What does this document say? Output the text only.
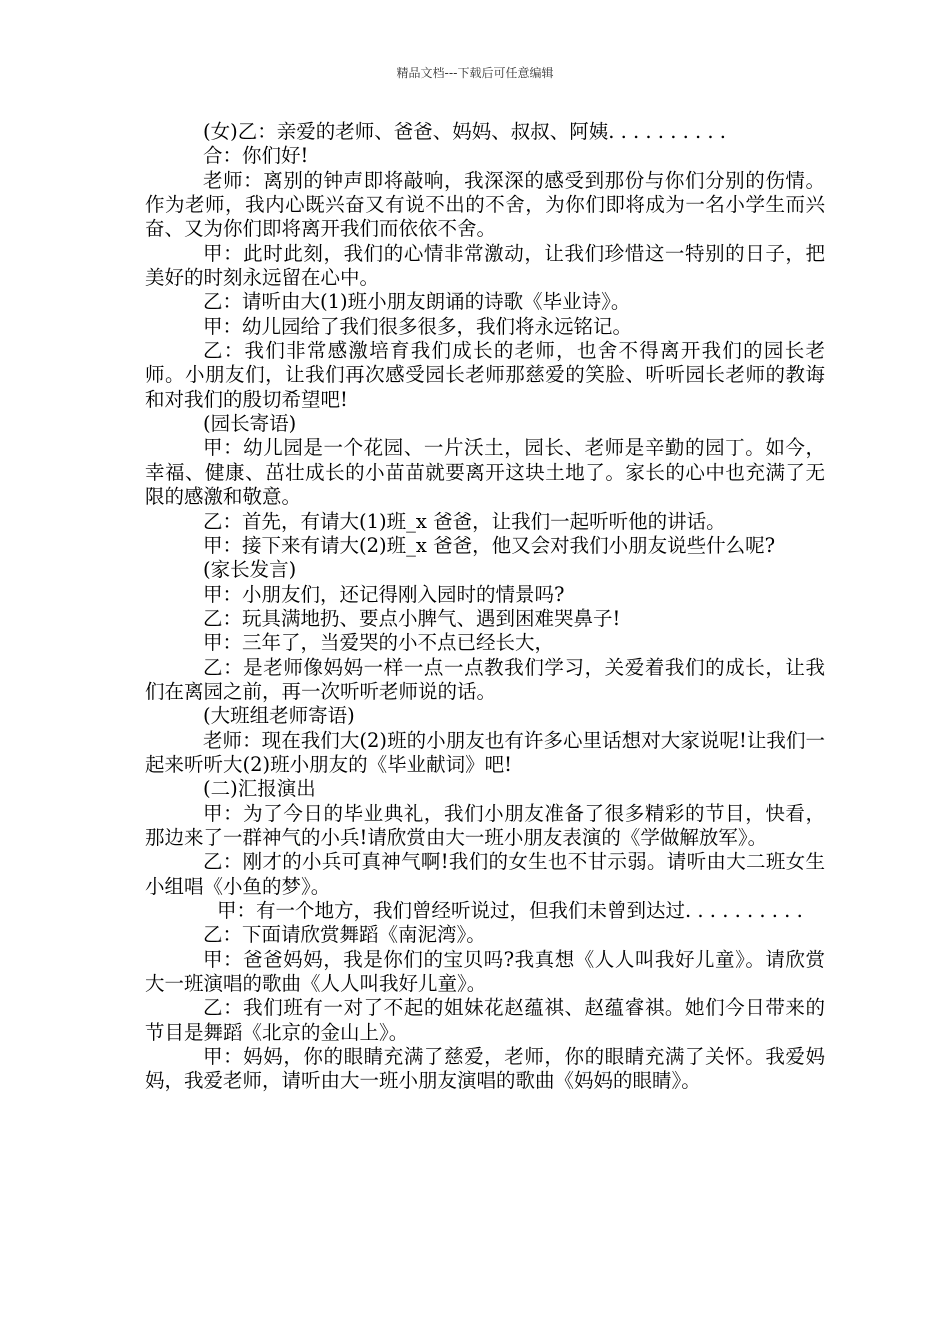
精品文档---下载后可任意编辑

(女)乙：亲爱的老师、爸爸、妈妈、叔叔、阿姨. . . . . . . . . .

合：你们好!

老师：离别的钟声即将敲响，我深深的感受到那份与你们分别的伤情。作为老师，我内心既兴奋又有说不出的不舍，为你们即将成为一名小学生而兴奋、又为你们即将离开我们而依依不舍。

甲：此时此刻，我们的心情非常激动，让我们珍惜这一特别的日子，把美好的时刻永远留在心中。

乙：请听由大(1)班小朋友朗诵的诗歌《毕业诗》。

甲：幼儿园给了我们很多很多，我们将永远铭记。

乙：我们非常感激培育我们成长的老师，也舍不得离开我们的园长老师。小朋友们，让我们再次感受园长老师那慈爱的笑脸、听听园长老师的教诲和对我们的殷切希望吧!

(园长寄语)

甲：幼儿园是一个花园、一片沃土，园长、老师是辛勤的园丁。如今，幸福、健康、茁壮成长的小苗苗就要离开这块土地了。家长的心中也充满了无限的感激和敬意。

乙：首先，有请大(1)班_x 爸爸，让我们一起听听他的讲话。

甲：接下来有请大(2)班_x 爸爸，他又会对我们小朋友说些什么呢?

(家长发言)

甲：小朋友们，还记得刚入园时的情景吗?

乙：玩具满地扔、要点小脾气、遇到困难哭鼻子!

甲：三年了，当爱哭的小不点已经长大，

乙：是老师像妈妈一样一点一点教我们学习，关爱着我们的成长，让我们在离园之前，再一次听听老师说的话。

(大班组老师寄语)

老师：现在我们大(2)班的小朋友也有许多心里话想对大家说呢!让我们一起来听听大(2)班小朋友的《毕业献词》吧!

(二)汇报演出

甲：为了今日的毕业典礼，我们小朋友准备了很多精彩的节目，快看，那边来了一群神气的小兵!请欣赏由大一班小朋友表演的《学做解放军》。

乙：刚才的小兵可真神气啊!我们的女生也不甘示弱。请听由大二班女生小组唱《小鱼的梦》。

甲：有一个地方，我们曾经听说过，但我们未曾到达过. . . . . . . . . .

乙：下面请欣赏舞蹈《南泥湾》。

甲：爸爸妈妈，我是你们的宝贝吗?我真想《人人叫我好儿童》。请欣赏大一班演唱的歌曲《人人叫我好儿童》。

乙：我们班有一对了不起的姐妹花赵蕴祺、赵蕴睿祺。她们今日带来的节目是舞蹈《北京的金山上》。

甲：妈妈，你的眼睛充满了慈爱，老师，你的眼睛充满了关怀。我爱妈妈，我爱老师，请听由大一班小朋友演唱的歌曲《妈妈的眼睛》。
